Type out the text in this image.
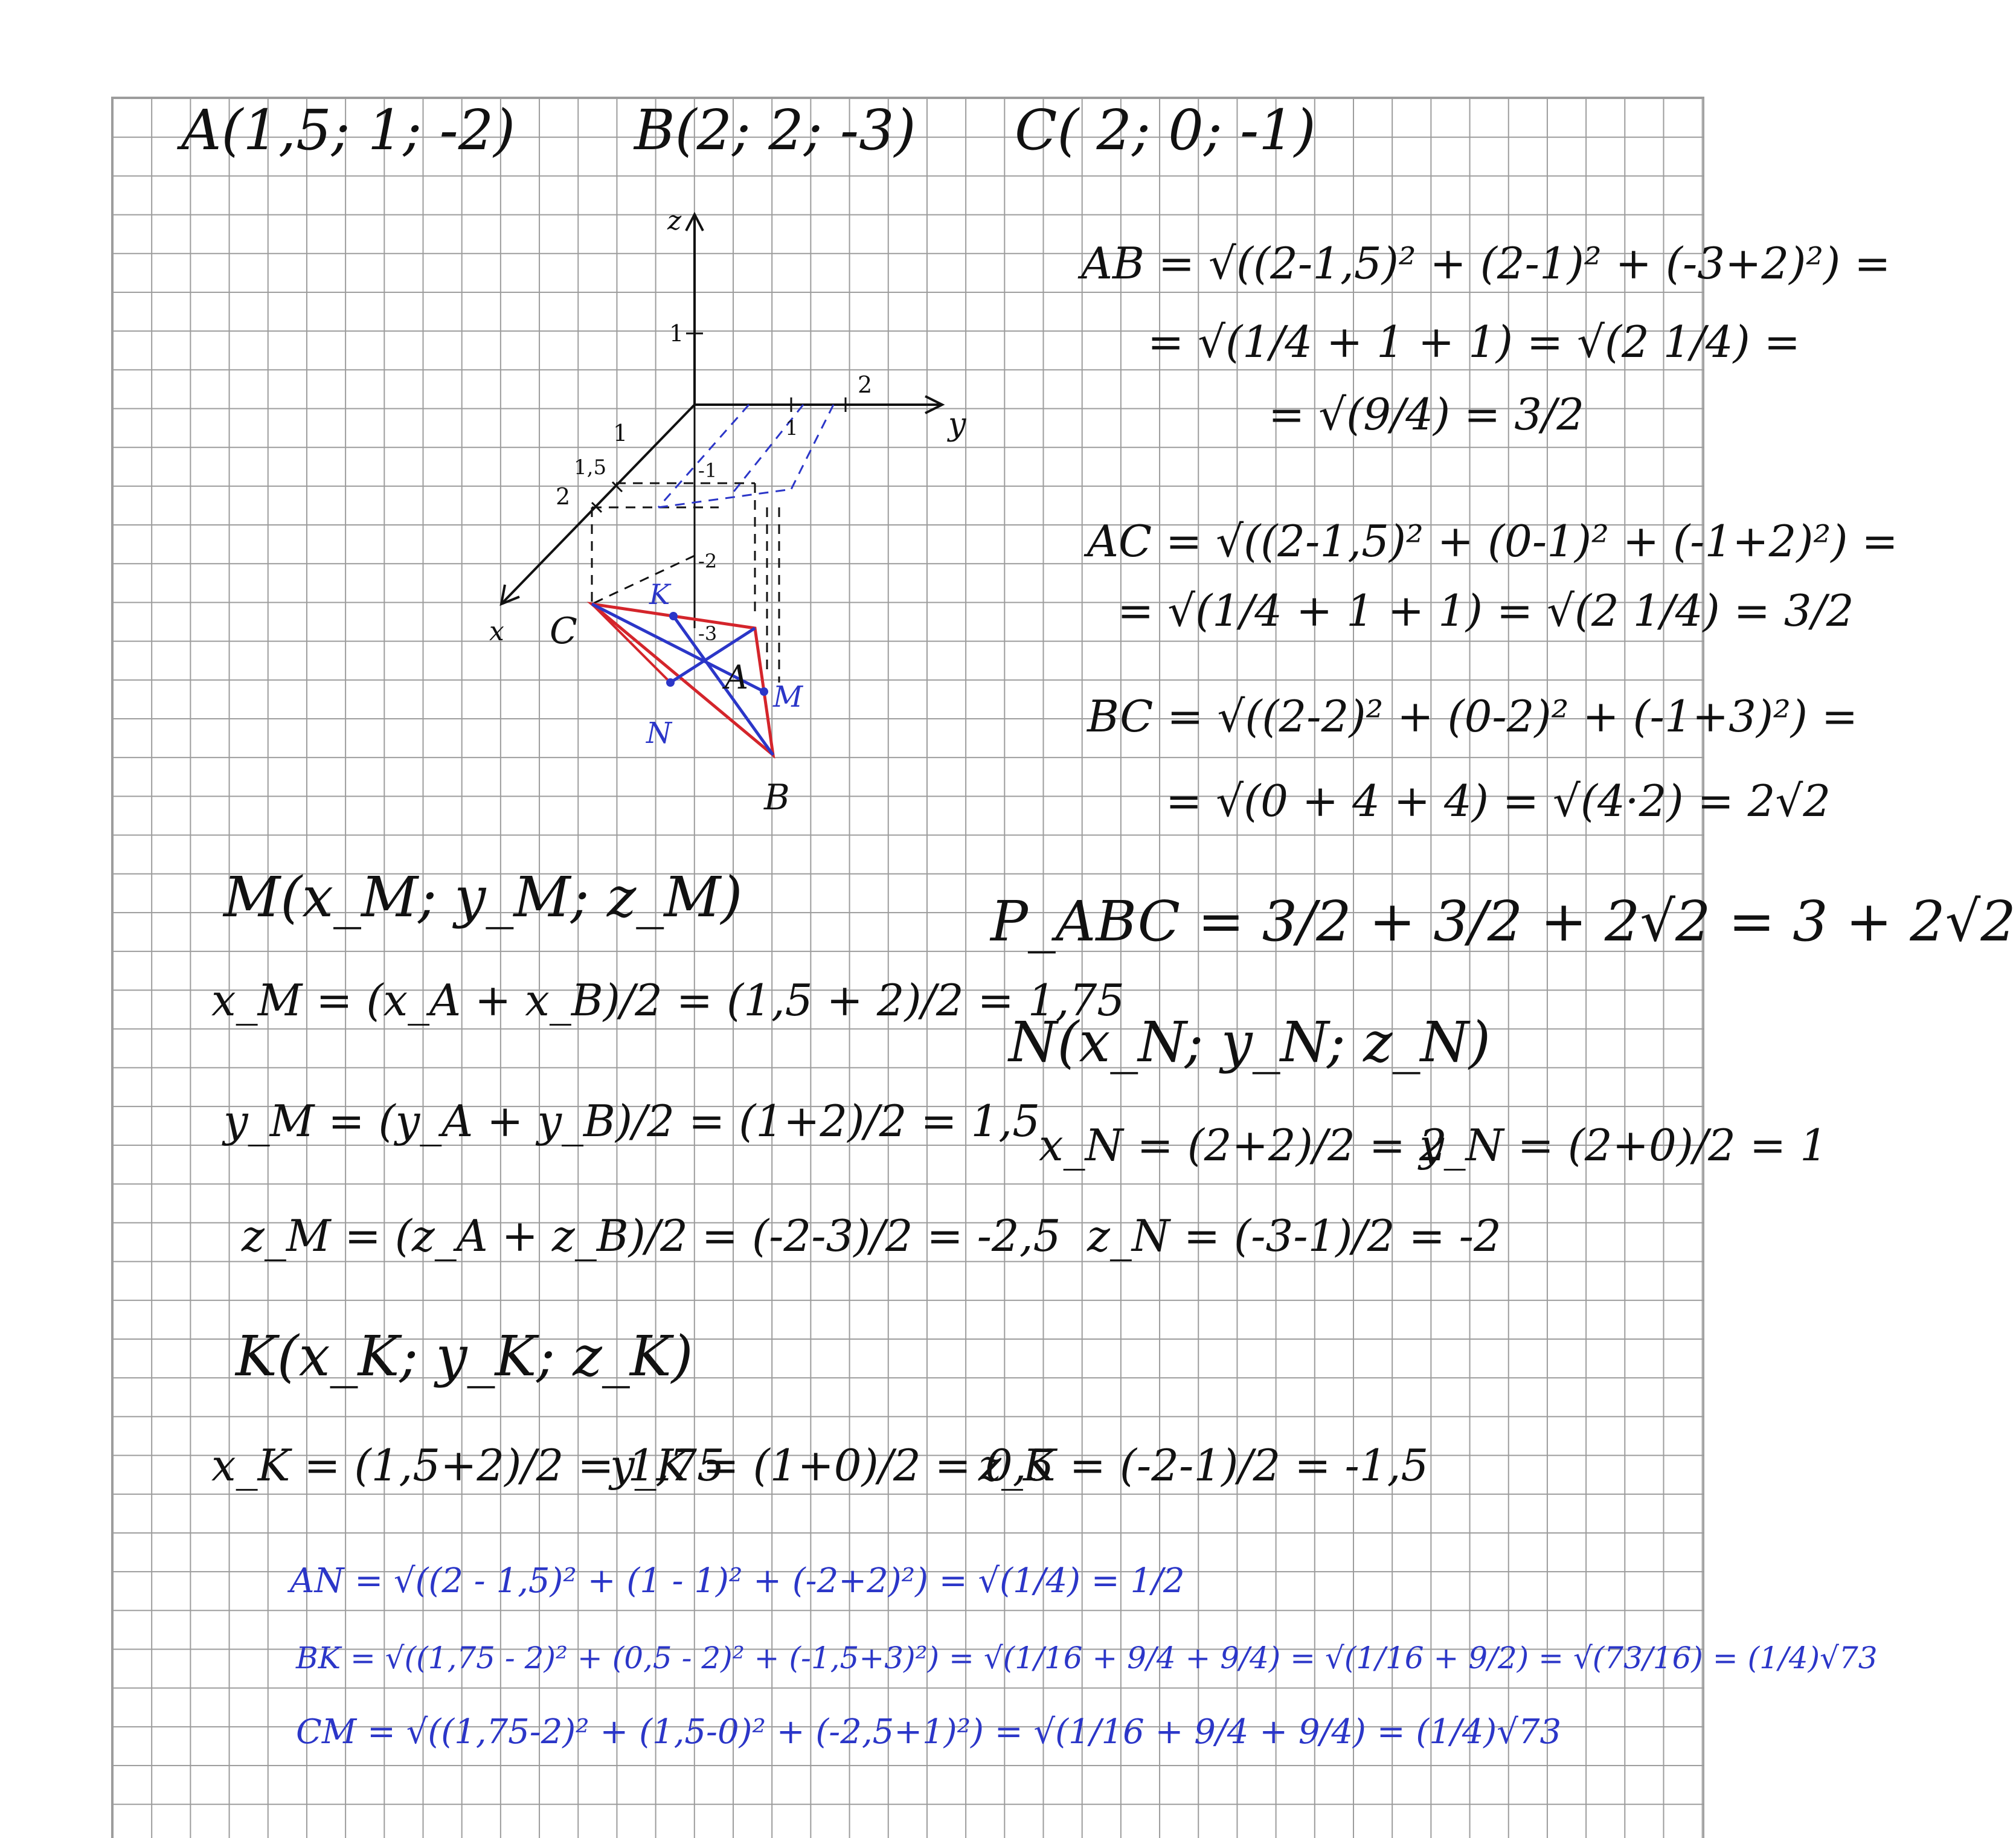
A(1,5; 1; -2) B(2; 2; -3) C( 2; 0; -1)
z
y
x
1
1
2
1
1,5
2
-1
-2
-3
A
B
C
K
M
N
AB = √((2-1,5)² + (2-1)² + (-3+2)²) =
= √(1/4 + 1 + 1) = √(2 1/4) =
= √(9/4) = 3/2
AC = √((2-1,5)² + (0-1)² + (-1+2)²) =
= √(1/4 + 1 + 1) = √(2 1/4) = 3/2
BC = √((2-2)² + (0-2)² + (-1+3)²) =
= √(0 + 4 + 4) = √(4·2) = 2√2
P_ABC = 3/2 + 3/2 + 2√2 = 3 + 2√2
N(x_N; y_N; z_N)
x_N = (2+2)/2 = 2
y_N = (2+0)/2 = 1
z_N = (-3-1)/2 = -2
M(x_M; y_M; z_M)
x_M = (x_A + x_B)/2 = (1,5 + 2)/2 = 1,75
y_M = (y_A + y_B)/2 = (1+2)/2 = 1,5
z_M = (z_A + z_B)/2 = (-2-3)/2 = -2,5
K(x_K; y_K; z_K)
x_K = (1,5+2)/2 = 1,75
y_K = (1+0)/2 = 0,5
z_K = (-2-1)/2 = -1,5
AN = √((2 - 1,5)² + (1 - 1)² + (-2+2)²) = √(1/4) = 1/2
BK = √((1,75 - 2)² + (0,5 - 2)² + (-1,5+3)²) = √(1/16 + 9/4 + 9/4) = √(1/16 + 9/2) = √(73/16) = (1/4)√73
CM = √((1,75-2)² + (1,5-0)² + (-2,5+1)²) = √(1/16 + 9/4 + 9/4) = (1/4)√73
